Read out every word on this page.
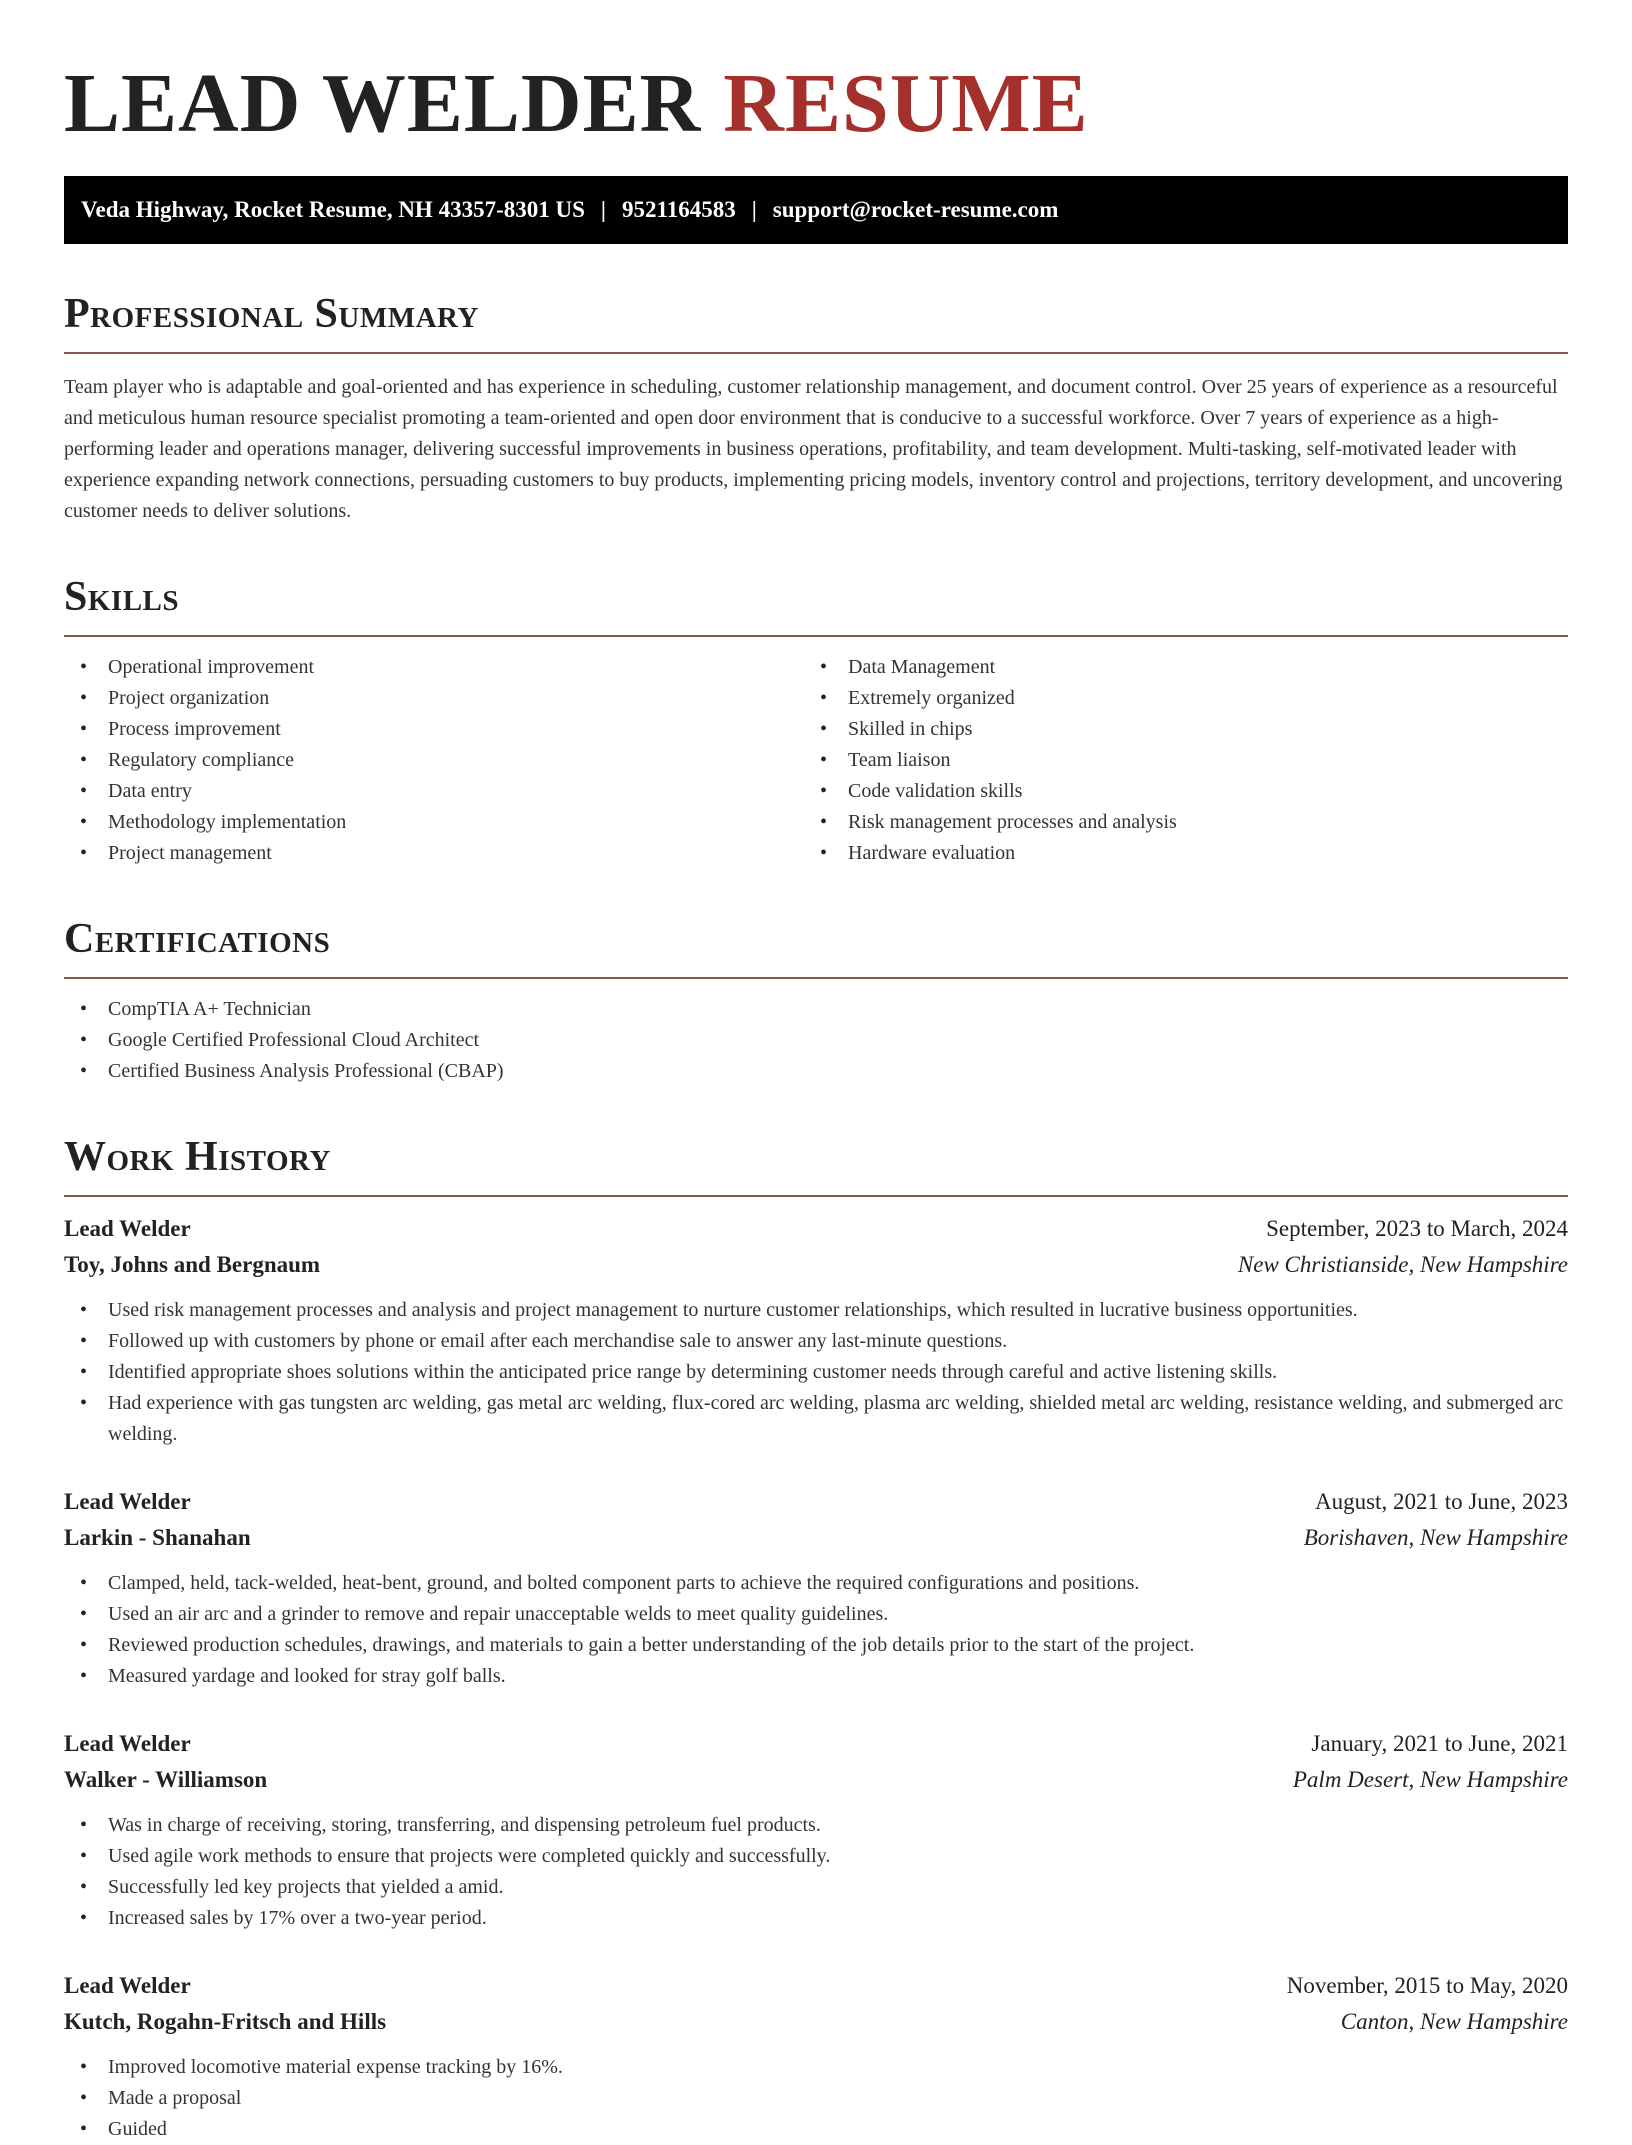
LEAD WELDER RESUME
Veda Highway, Rocket Resume, NH 43357-8301 US | 9521164583 | support@rocket-resume.com
Professional Summary

Team player who is adaptable and goal-oriented and has experience in scheduling, customer relationship management, and document control. Over 25 years of experience as a resourceful and meticulous human resource specialist promoting a team-oriented and open door environment that is conducive to a successful workforce. Over 7 years of experience as a high-performing leader and operations manager, delivering successful improvements in business operations, profitability, and team development. Multi-tasking, self-motivated leader with experience expanding network connections, persuading customers to buy products, implementing pricing models, inventory control and projections, territory development, and uncovering customer needs to deliver solutions.

Skills
• Operational improvement
• Project organization
• Process improvement
• Regulatory compliance
• Data entry
• Methodology implementation
• Project management
• Data Management
• Extremely organized
• Skilled in chips
• Team liaison
• Code validation skills
• Risk management processes and analysis
• Hardware evaluation
Certifications
• CompTIA A+ Technician
• Google Certified Professional Cloud Architect
• Certified Business Analysis Professional (CBAP)
Work History
Lead Welder	September, 2023 to March, 2024
Toy, Johns and Bergnaum	New Christianside, New Hampshire
• Used risk management processes and analysis and project management to nurture customer relationships, which resulted in lucrative business opportunities.
• Followed up with customers by phone or email after each merchandise sale to answer any last-minute questions.
• Identified appropriate shoes solutions within the anticipated price range by determining customer needs through careful and active listening skills.
• Had experience with gas tungsten arc welding, gas metal arc welding, flux-cored arc welding, plasma arc welding, shielded metal arc welding, resistance welding, and submerged arc welding.
Lead Welder	August, 2021 to June, 2023
Larkin - Shanahan	Borishaven, New Hampshire
• Clamped, held, tack-welded, heat-bent, ground, and bolted component parts to achieve the required configurations and positions.
• Used an air arc and a grinder to remove and repair unacceptable welds to meet quality guidelines.
• Reviewed production schedules, drawings, and materials to gain a better understanding of the job details prior to the start of the project.
• Measured yardage and looked for stray golf balls.
Lead Welder	January, 2021 to June, 2021
Walker - Williamson	Palm Desert, New Hampshire
• Was in charge of receiving, storing, transferring, and dispensing petroleum fuel products.
• Used agile work methods to ensure that projects were completed quickly and successfully.
• Successfully led key projects that yielded a amid.
• Increased sales by 17% over a two-year period.
Lead Welder	November, 2015 to May, 2020
Kutch, Rogahn-Fritsch and Hills	Canton, New Hampshire
• Improved locomotive material expense tracking by 16%.
• Made a proposal
• Guided
